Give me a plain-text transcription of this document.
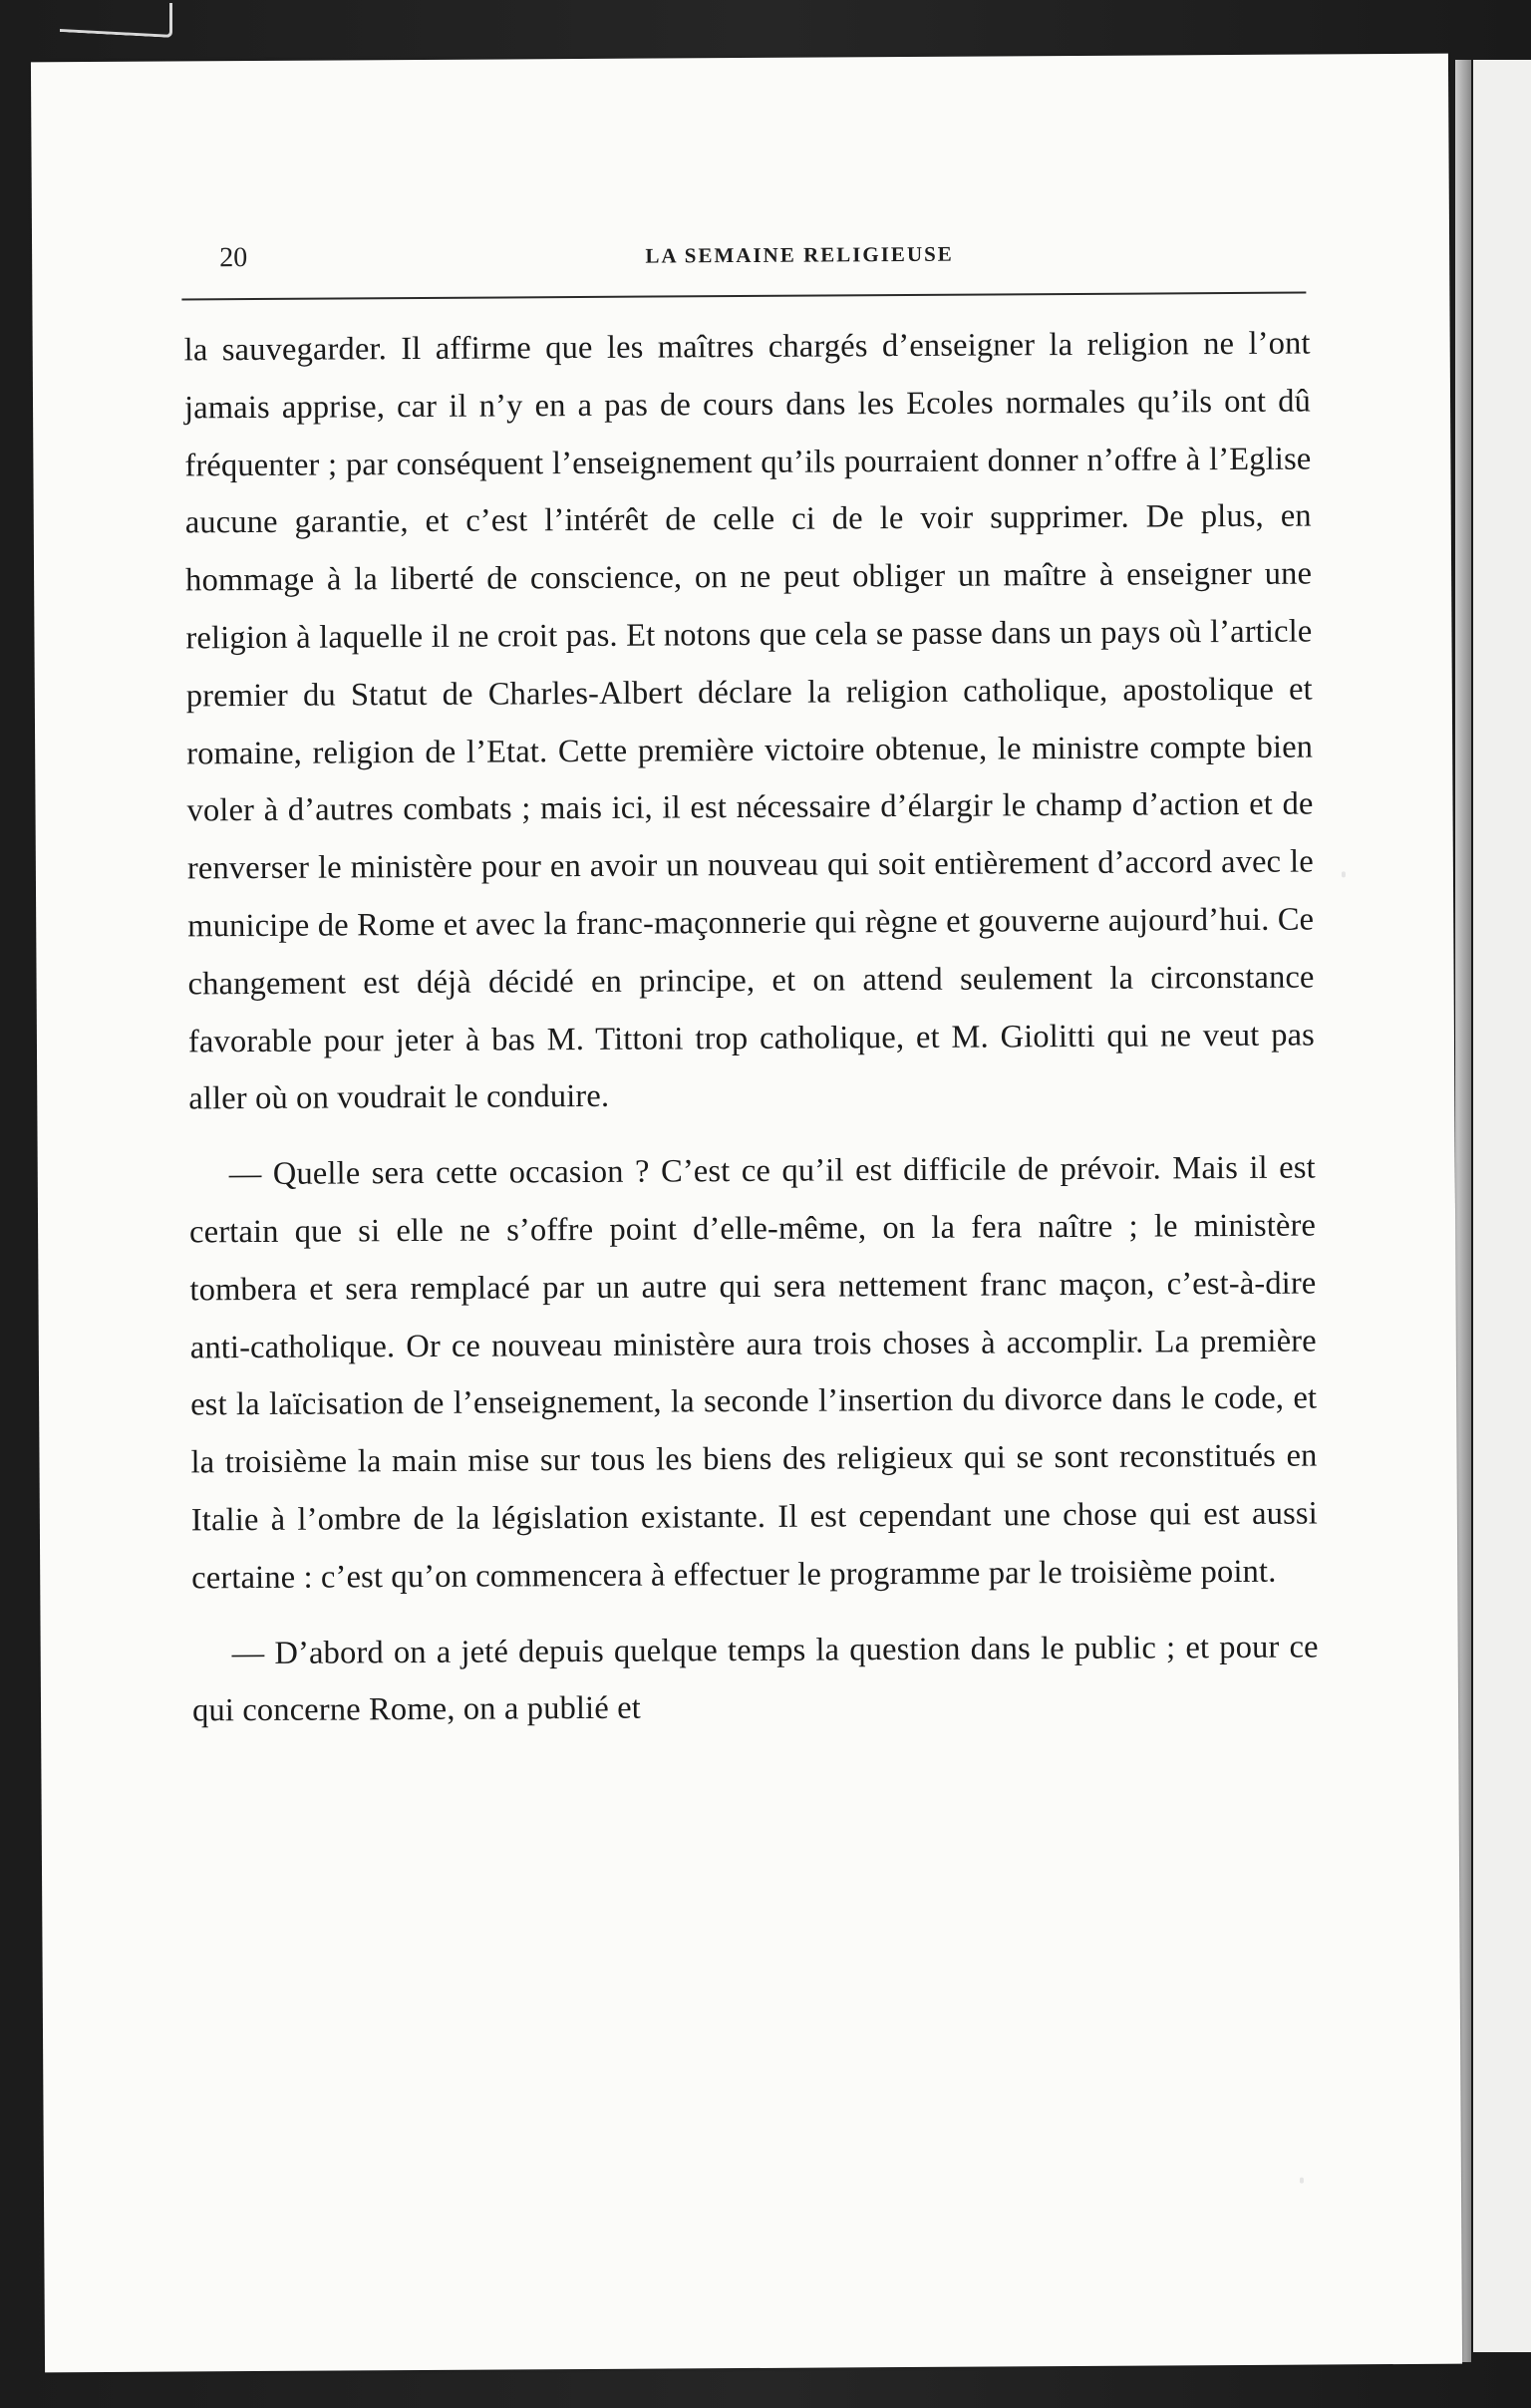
20	LA SEMAINE RELIGIEUSE

la sauvegarder. Il affirme que les maîtres chargés d’enseigner la religion ne l’ont jamais apprise, car il n’y en a pas de cours dans les Ecoles normales qu’ils ont dû fréquenter ; par conséquent l’enseignement qu’ils pourraient donner n’offre à l’Eglise aucune garantie, et c’est l’intérêt de celle ci de le voir supprimer. De plus, en hommage à la liberté de conscience, on ne peut obliger un maître à enseigner une religion à laquelle il ne croit pas. Et notons que cela se passe dans un pays où l’article premier du Statut de Charles-Albert déclare la religion catholique, apostolique et romaine, religion de l’Etat. Cette première victoire obtenue, le ministre compte bien voler à d’autres combats ; mais ici, il est nécessaire d’élargir le champ d’action et de renverser le ministère pour en avoir un nouveau qui soit entièrement d’accord avec le municipe de Rome et avec la franc-maçonnerie qui règne et gouverne aujourd’hui. Ce changement est déjà décidé en principe, et on attend seulement la circonstance favorable pour jeter à bas M. Tittoni trop catholique, et M. Giolitti qui ne veut pas aller où on voudrait le conduire.

— Quelle sera cette occasion ? C’est ce qu’il est difficile de prévoir. Mais il est certain que si elle ne s’offre point d’elle-même, on la fera naître ; le ministère tombera et sera remplacé par un autre qui sera nettement franc maçon, c’est-à-dire anti-catholique. Or ce nouveau ministère aura trois choses à accomplir. La première est la laïcisation de l’enseignement, la seconde l’insertion du divorce dans le code, et la troisième la main mise sur tous les biens des religieux qui se sont reconstitués en Italie à l’ombre de la législation existante. Il est cependant une chose qui est aussi certaine : c’est qu’on commencera à effectuer le programme par le troisième point.

— D’abord on a jeté depuis quelque temps la question dans le public ; et pour ce qui concerne Rome, on a publié et
